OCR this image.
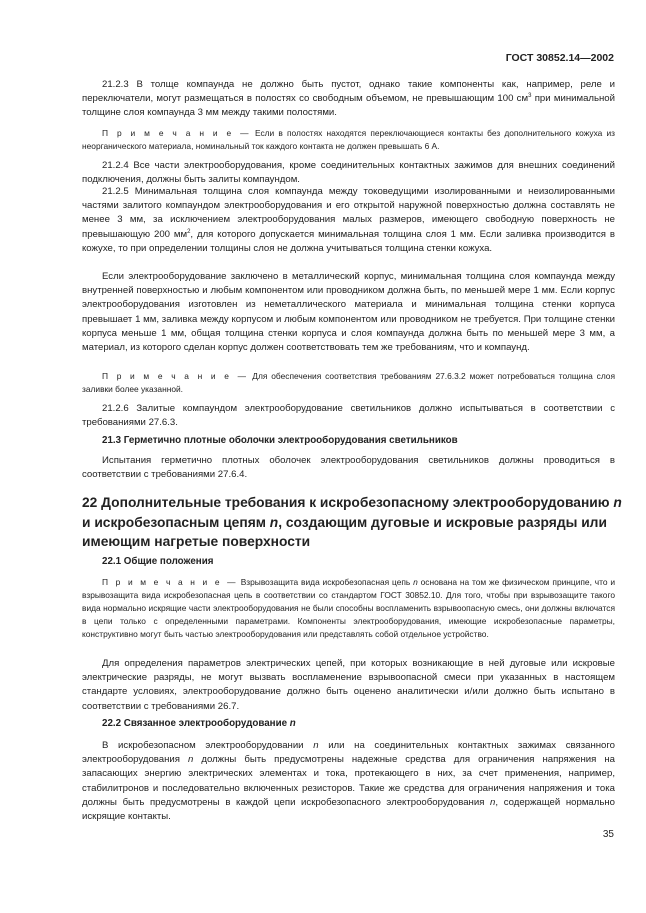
ГОСТ 30852.14—2002

21.2.3 В толще компаунда не должно быть пустот, однако такие компоненты как, например, реле и переключатели, могут размещаться в полостях со свободным объемом, не превышающим 100 $см^3$ при минимальной толщине слоя компаунда 3 мм между такими полостями.

П р и м е ч а н и е — Если в полостях находятся переключающиеся контакты без дополнительного кожуха из неорганического материала, номинальный ток каждого контакта не должен превышать 6 А.

21.2.4 Все части электрооборудования, кроме соединительных контактных зажимов для внешних соединений подключения, должны быть залиты компаундом.

21.2.5 Минимальная толщина слоя компаунда между токоведущими изолированными и неизолированными частями залитого компаундом электрооборудования и его открытой наружной поверхностью должна составлять не менее 3 мм, за исключением электрооборудования малых размеров, имеющего свободную поверхность не превышающую 200 $мм^2$, для которого допускается минимальная толщина слоя 1 мм. Если заливка производится в кожухе, то при определении толщины слоя не должна учитываться толщина стенки кожуха.

Если электрооборудование заключено в металлический корпус, минимальная толщина слоя компаунда между внутренней поверхностью и любым компонентом или проводником должна быть, по меньшей мере 1 мм. Если корпус электрооборудования изготовлен из неметаллического материала и минимальная толщина стенки корпуса превышает 1 мм, заливка между корпусом и любым компонентом или проводником не требуется. При толщине стенки корпуса меньше 1 мм, общая толщина стенки корпуса и слоя компаунда должна быть по меньшей мере 3 мм, а материал, из которого сделан корпус должен соответствовать тем же требованиям, что и компаунд.

П р и м е ч а н и е — Для обеспечения соответствия требованиям 27.6.3.2 может потребоваться толщина слоя заливки более указанной.

21.2.6 Залитые компаундом электрооборудование светильников должно испытываться в соответствии с требованиями 27.6.3.

21.3 Герметично плотные оболочки электрооборудования светильников

Испытания герметично плотных оболочек электрооборудования светильников должны проводиться в соответствии с требованиями 27.6.4.

22 Дополнительные требования к искробезопасному электрооборудованию n и искробезопасным цепям n, создающим дуговые и искровые разряды или имеющим нагретые поверхности

22.1 Общие положения

П р и м е ч а н и е — Взрывозащита вида искробезопасная цепь n основана на том же физическом принципе, что и взрывозащита вида искробезопасная цепь в соответствии со стандартом ГОСТ 30852.10. Для того, чтобы при взрывозащите такого вида нормально искрящие части электрооборудования не были способны воспламенить взрывоопасную смесь, они должны включатся в цепи только с определенными параметрами. Компоненты электрооборудования, имеющие искробезопасные параметры, конструктивно могут быть частью электрооборудования или представлять собой отдельное устройство.

Для определения параметров электрических цепей, при которых возникающие в ней дуговые или искровые электрические разряды, не могут вызвать воспламенение взрывоопасной смеси при указанных в настоящем стандарте условиях, электрооборудование должно быть оценено аналитически и/или должно быть испытано в соответствии с требованиями 26.7.

22.2 Связанное электрооборудование n

В искробезопасном электрооборудовании n или на соединительных контактных зажимах связанного электрооборудования n должны быть предусмотрены надежные средства для ограничения напряжения на запасающих энергию электрических элементах и тока, протекающего в них, за счет применения, например, стабилитронов и последовательно включенных резисторов. Такие же средства для ограничения напряжения и тока должны быть предусмотрены в каждой цепи искробезопасного электрооборудования n, содержащей нормально искрящие контакты.

35
